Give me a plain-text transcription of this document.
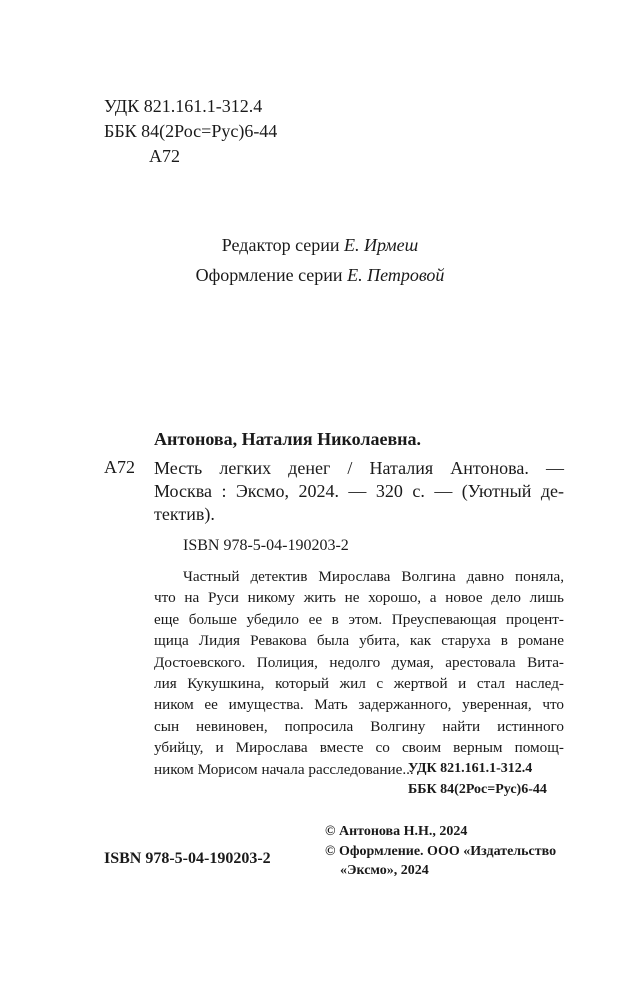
УДК 821.161.1-312.4
ББК 84(2Рос=Рус)6-44
А72
Редактор серии Е. Ирмеш
Оформление серии Е. Петровой
Антонова, Наталия Николаевна.
А72 Месть легких денег / Наталия Антонова. —
Москва : Эксмо, 2024. — 320 с. — (Уютный де-
тектив).
ISBN 978-5-04-190203-2
Частный детектив Мирослава Волгина давно поняла,
что на Руси никому жить не хорошо, а новое дело лишь
еще больше убедило ее в этом. Преуспевающая процент-
щица Лидия Ревакова была убита, как старуха в романе
Достоевского. Полиция, недолго думая, арестовала Вита-
лия Кукушкина, который жил с жертвой и стал наслед-
ником ее имущества. Мать задержанного, уверенная, что
сын невиновен, попросила Волгину найти истинного
убийцу, и Мирослава вместе со своим верным помощ-
ником Морисом начала расследование...
УДК 821.161.1-312.4
ББК 84(2Рос=Рус)6-44
© Антонова Н.Н., 2024
© Оформление. ООО «Издательство
«Эксмо», 2024
ISBN 978-5-04-190203-2
